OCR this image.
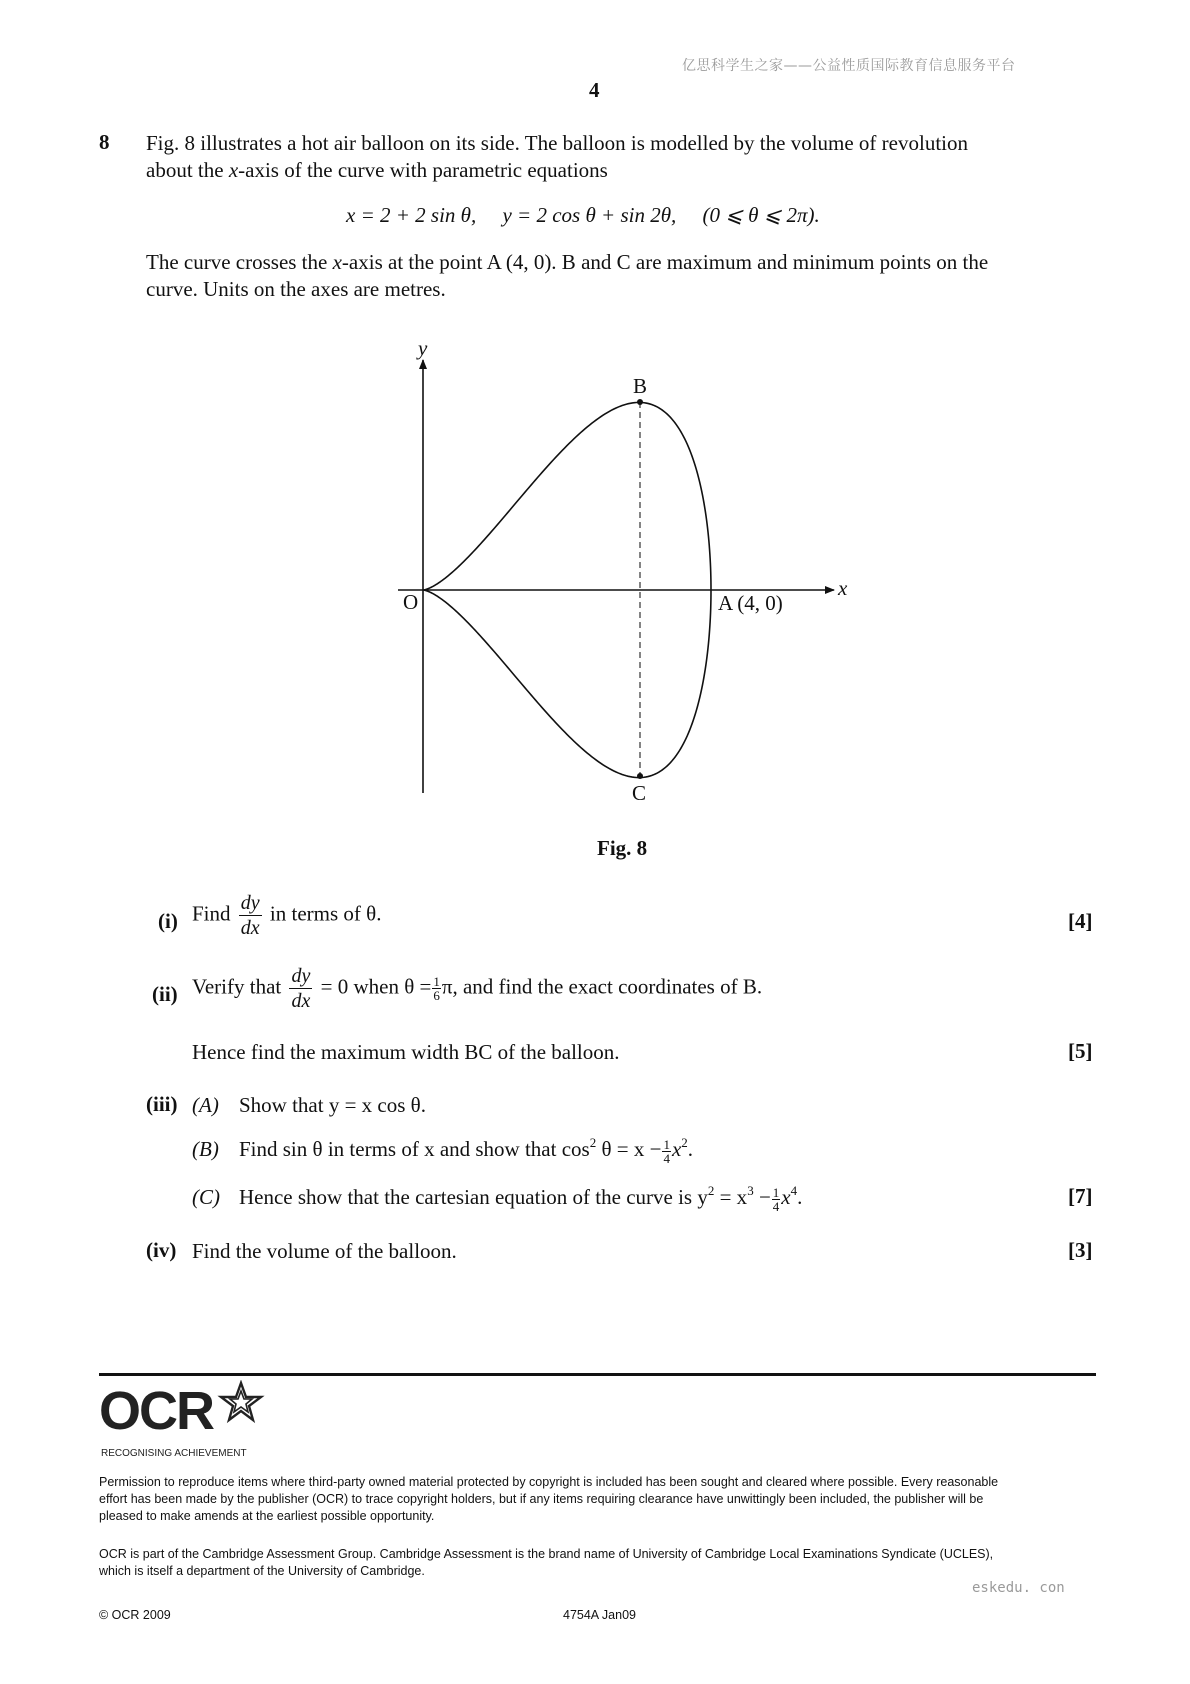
亿思科学生之家——公益性质国际教育信息服务平台
4
8 Fig. 8 illustrates a hot air balloon on its side. The balloon is modelled by the volume of revolution
about the x-axis of the curve with parametric equations
x = 2 + 2 sin θ,     y = 2 cos θ + sin 2θ,     (0 ⩽ θ ⩽ 2π).
The curve crosses the x-axis at the point A (4, 0). B and C are maximum and minimum points on the
curve. Units on the axes are metres.
y
x
O	A (4, 0)
B
C
Fig. 8
(i) Find $\frac{dy}{dx}$ in terms of θ.	[4]
(ii) Verify that $\frac{dy}{dx} = 0$ when $\theta = \frac{1}{6} \pi$, and find the exact coordinates of B.
Hence find the maximum width BC of the balloon.	[5]
(iii) (A) Show that y = x cos θ.
(B) Find sin θ in terms of x and show that $\cos^2 \theta = x - \frac{1}{4} x^2$.
(C) Hence show that the cartesian equation of the curve is $y^2 = x^3 - \frac{1}{4} x^4$.	[7]
(iv) Find the volume of the balloon.	[3]
OCR
RECOGNISING ACHIEVEMENT
Permission to reproduce items where third-party owned material protected by copyright is included has been sought and cleared where possible. Every reasonable
effort has been made by the publisher (OCR) to trace copyright holders, but if any items requiring clearance have unwittingly been included, the publisher will be
pleased to make amends at the earliest possible opportunity.
OCR is part of the Cambridge Assessment Group. Cambridge Assessment is the brand name of University of Cambridge Local Examinations Syndicate (UCLES),
which is itself a department of the University of Cambridge.
eskedu. con
© OCR 2009	4754A Jan09
